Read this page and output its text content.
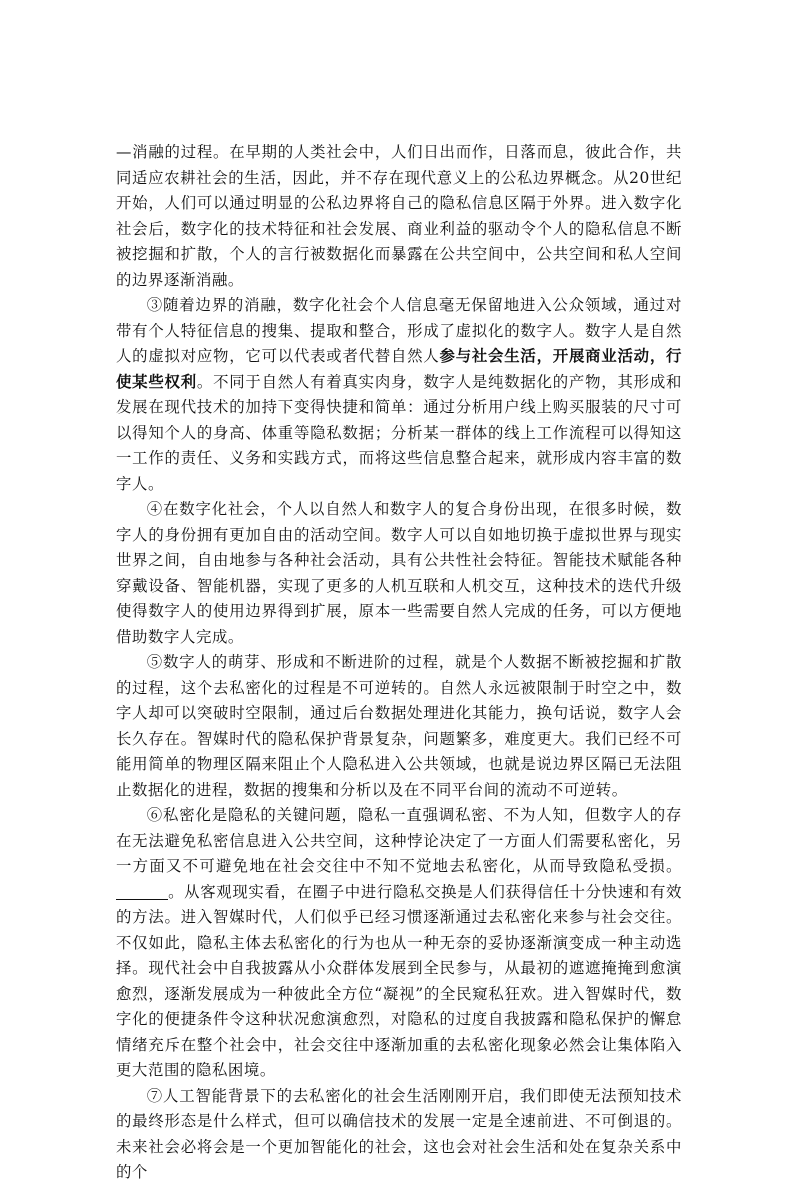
—消融的过程。在早期的人类社会中，人们日出而作，日落而息，彼此合作，共同适应农耕社会的生活，因此，并不存在现代意义上的公私边界概念。从20世纪开始，人们可以通过明显的公私边界将自己的隐私信息区隔于外界。进入数字化社会后，数字化的技术特征和社会发展、商业利益的驱动令个人的隐私信息不断被挖掘和扩散，个人的言行被数据化而暴露在公共空间中，公共空间和私人空间的边界逐渐消融。

③随着边界的消融，数字化社会个人信息毫无保留地进入公众领域，通过对带有个人特征信息的搜集、提取和整合，形成了虚拟化的数字人。数字人是自然人的虚拟对应物，它可以代表或者代替自然人参与社会生活，开展商业活动，行使某些权利。不同于自然人有着真实肉身，数字人是纯数据化的产物，其形成和发展在现代技术的加持下变得快捷和简单：通过分析用户线上购买服装的尺寸可以得知个人的身高、体重等隐私数据；分析某一群体的线上工作流程可以得知这一工作的责任、义务和实践方式，而将这些信息整合起来，就形成内容丰富的数字人。

④在数字化社会，个人以自然人和数字人的复合身份出现，在很多时候，数字人的身份拥有更加自由的活动空间。数字人可以自如地切换于虚拟世界与现实世界之间，自由地参与各种社会活动，具有公共性社会特征。智能技术赋能各种穿戴设备、智能机器，实现了更多的人机互联和人机交互，这种技术的迭代升级使得数字人的使用边界得到扩展，原本一些需要自然人完成的任务，可以方便地借助数字人完成。

⑤数字人的萌芽、形成和不断进阶的过程，就是个人数据不断被挖掘和扩散的过程，这个去私密化的过程是不可逆转的。自然人永远被限制于时空之中，数字人却可以突破时空限制，通过后台数据处理进化其能力，换句话说，数字人会长久存在。智媒时代的隐私保护背景复杂，问题繁多，难度更大。我们已经不可能用简单的物理区隔来阻止个人隐私进入公共领域，也就是说边界区隔已无法阻止数据化的进程，数据的搜集和分析以及在不同平台间的流动不可逆转。

⑥私密化是隐私的关键问题，隐私一直强调私密、不为人知，但数字人的存在无法避免私密信息进入公共空间，这种悖论决定了一方面人们需要私密化，另一方面又不可避免地在社会交往中不知不觉地去私密化，从而导致隐私受损。。从客观现实看，在圈子中进行隐私交换是人们获得信任十分快速和有效的方法。进入智媒时代，人们似乎已经习惯逐渐通过去私密化来参与社会交往。不仅如此，隐私主体去私密化的行为也从一种无奈的妥协逐渐演变成一种主动选择。现代社会中自我披露从小众群体发展到全民参与，从最初的遮遮掩掩到愈演愈烈，逐渐发展成为一种彼此全方位“凝视”的全民窥私狂欢。进入智媒时代，数字化的便捷条件令这种状况愈演愈烈，对隐私的过度自我披露和隐私保护的懈怠情绪充斥在整个社会中，社会交往中逐渐加重的去私密化现象必然会让集体陷入更大范围的隐私困境。

⑦人工智能背景下的去私密化的社会生活刚刚开启，我们即使无法预知技术的最终形态是什么样式，但可以确信技术的发展一定是全速前进、不可倒退的。未来社会必将会是一个更加智能化的社会，这也会对社会生活和处在复杂关系中的个
